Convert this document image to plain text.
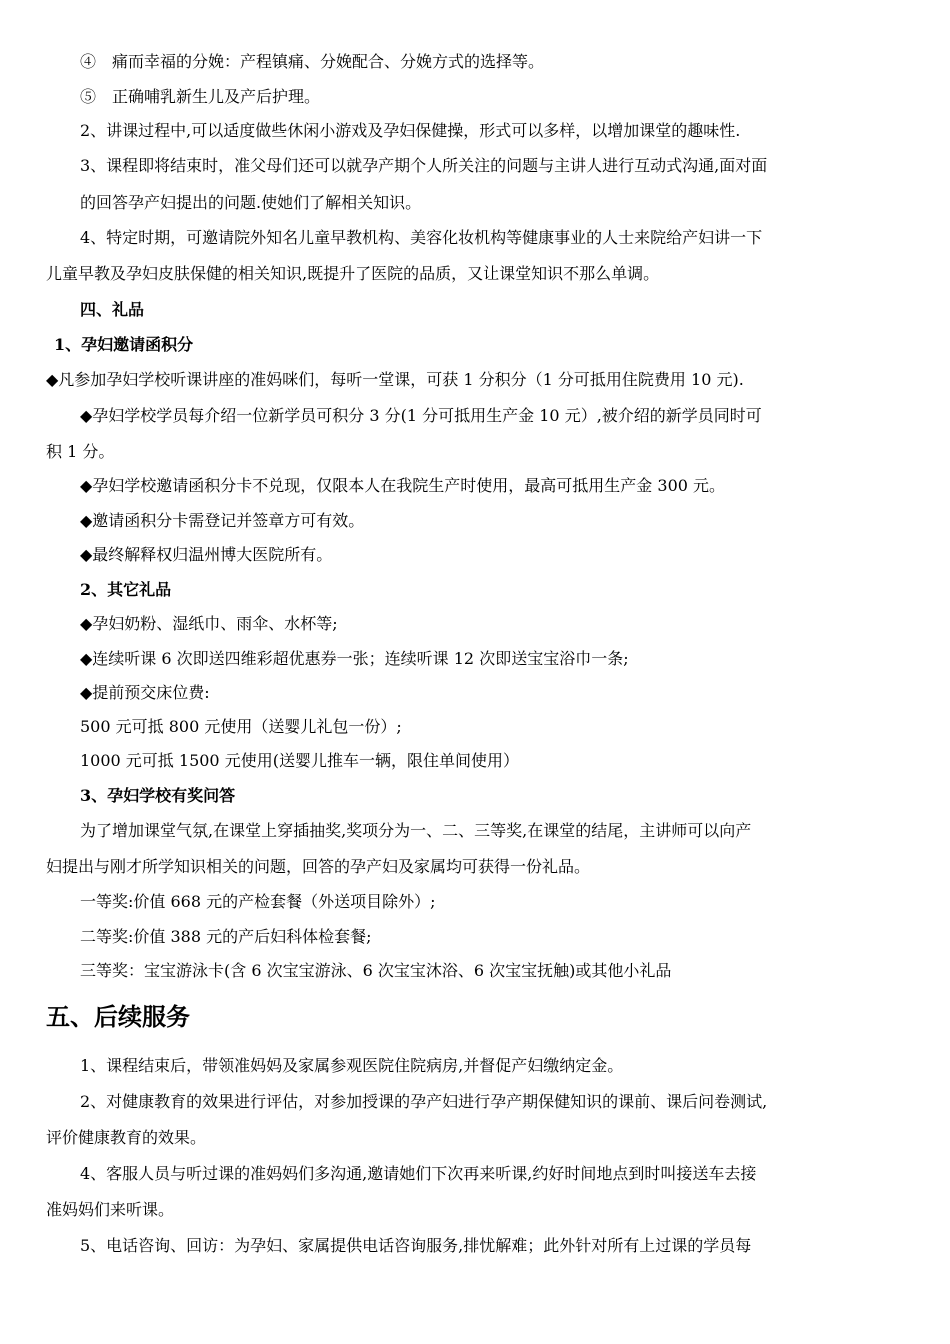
④　痛而幸福的分娩：产程镇痛、分娩配合、分娩方式的选择等。
⑤　正确哺乳新生儿及产后护理。
2、讲课过程中,可以适度做些休闲小游戏及孕妇保健操，形式可以多样，以增加课堂的趣味性.
3、课程即将结束时，准父母们还可以就孕产期个人所关注的问题与主讲人进行互动式沟通,面对面
的回答孕产妇提出的问题.使她们了解相关知识。
4、特定时期，可邀请院外知名儿童早教机构、美容化妆机构等健康事业的人士来院给产妇讲一下
儿童早教及孕妇皮肤保健的相关知识,既提升了医院的品质，又让课堂知识不那么单调。
四、礼品
1、孕妇邀请函积分
◆凡参加孕妇学校听课讲座的准妈咪们，每听一堂课，可获 1 分积分（1 分可抵用住院费用 10 元).
◆孕妇学校学员每介绍一位新学员可积分 3 分(1 分可抵用生产金 10 元）,被介绍的新学员同时可
积 1 分。
◆孕妇学校邀请函积分卡不兑现，仅限本人在我院生产时使用，最高可抵用生产金 300 元。
◆邀请函积分卡需登记并签章方可有效。
◆最终解释权归温州博大医院所有。
2、其它礼品
◆孕妇奶粉、湿纸巾、雨伞、水杯等;
◆连续听课 6 次即送四维彩超优惠券一张；连续听课 12 次即送宝宝浴巾一条;
◆提前预交床位费:
500 元可抵 800 元使用（送婴儿礼包一份）;
1000 元可抵 1500 元使用(送婴儿推车一辆，限住单间使用）
3、孕妇学校有奖问答
为了增加课堂气氛,在课堂上穿插抽奖,奖项分为一、二、三等奖,在课堂的结尾，主讲师可以向产
妇提出与刚才所学知识相关的问题，回答的孕产妇及家属均可获得一份礼品。
一等奖:价值 668 元的产检套餐（外送项目除外）;
二等奖:价值 388 元的产后妇科体检套餐;
三等奖：宝宝游泳卡(含 6 次宝宝游泳、6 次宝宝沐浴、6 次宝宝抚触)或其他小礼品
五、后续服务
1、课程结束后，带领准妈妈及家属参观医院住院病房,并督促产妇缴纳定金。
2、对健康教育的效果进行评估，对参加授课的孕产妇进行孕产期保健知识的课前、课后问卷测试,
评价健康教育的效果。
4、客服人员与听过课的准妈妈们多沟通,邀请她们下次再来听课,约好时间地点到时叫接送车去接
准妈妈们来听课。
5、电话咨询、回访：为孕妇、家属提供电话咨询服务,排忧解难；此外针对所有上过课的学员每
